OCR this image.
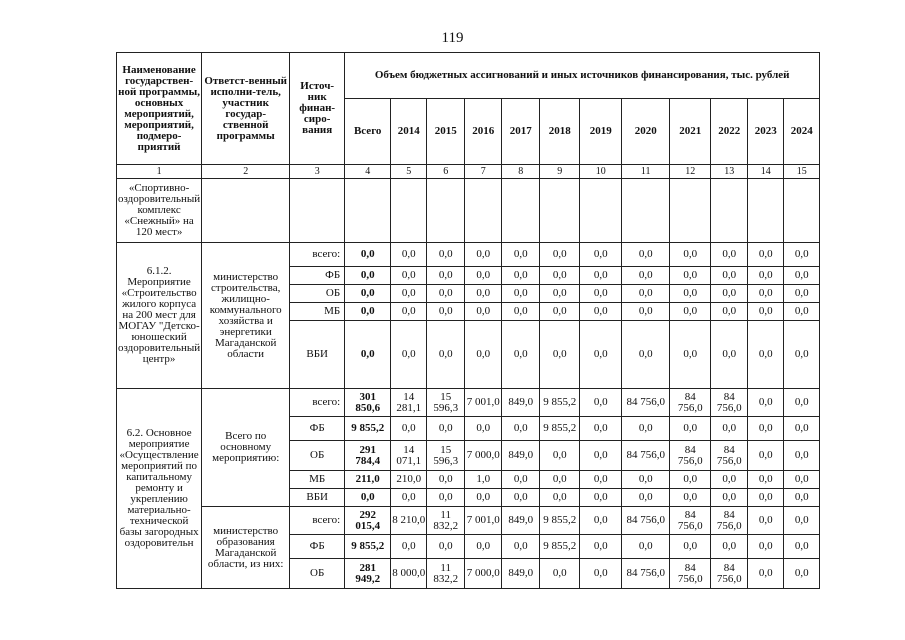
119
Наименование государствен-ной программы, основных мероприятий, мероприятий, подмеро-приятий	Ответст-венный исполни-тель, участник государ-ственной программы	Источ-ник финан-сиро-вания	Объем бюджетных ассигнований и иных источников финансирования, тыс. рублей											
			Всего	2014	2015	2016	2017	2018	2019	2020	2021	2022	2023	2024
1	2	3	4	5	6	7	8	9	10	11	12	13	14	15
«Спортивно-оздоровительный комплекс «Снежный» на 120 мест»														
6.1.2. Мероприятие «Строительство жилого корпуса на 200 мест для МОГАУ "Детско-юношеский оздоровительный центр»	министерство строительства, жилищно-коммунального хозяйства и энергетики Магаданской области	всего:	0,0	0,0	0,0	0,0	0,0	0,0	0,0	0,0	0,0	0,0	0,0	0,0
		ФБ	0,0	0,0	0,0	0,0	0,0	0,0	0,0	0,0	0,0	0,0	0,0	0,0
		ОБ	0,0	0,0	0,0	0,0	0,0	0,0	0,0	0,0	0,0	0,0	0,0	0,0
		МБ	0,0	0,0	0,0	0,0	0,0	0,0	0,0	0,0	0,0	0,0	0,0	0,0
		ВБИ	0,0	0,0	0,0	0,0	0,0	0,0	0,0	0,0	0,0	0,0	0,0	0,0
6.2. Основное мероприятие «Осуществление мероприятий по капитальному ремонту и укреплению материально-технической базы загородных оздоровительн	Всего по основному мероприятию:	всего:	301 850,6	14 281,1	15 596,3	7 001,0	849,0	9 855,2	0,0	84 756,0	84 756,0	84 756,0	0,0	0,0
		ФБ	9 855,2	0,0	0,0	0,0	0,0	9 855,2	0,0	0,0	0,0	0,0	0,0	0,0
		ОБ	291 784,4	14 071,1	15 596,3	7 000,0	849,0	0,0	0,0	84 756,0	84 756,0	84 756,0	0,0	0,0
		МБ	211,0	210,0	0,0	1,0	0,0	0,0	0,0	0,0	0,0	0,0	0,0	0,0
		ВБИ	0,0	0,0	0,0	0,0	0,0	0,0	0,0	0,0	0,0	0,0	0,0	0,0
	министерство образования Магаданской области, из них:	всего:	292 015,4	8 210,0	11 832,2	7 001,0	849,0	9 855,2	0,0	84 756,0	84 756,0	84 756,0	0,0	0,0
		ФБ	9 855,2	0,0	0,0	0,0	0,0	9 855,2	0,0	0,0	0,0	0,0	0,0	0,0
		ОБ	281 949,2	8 000,0	11 832,2	7 000,0	849,0	0,0	0,0	84 756,0	84 756,0	84 756,0	0,0	0,0
